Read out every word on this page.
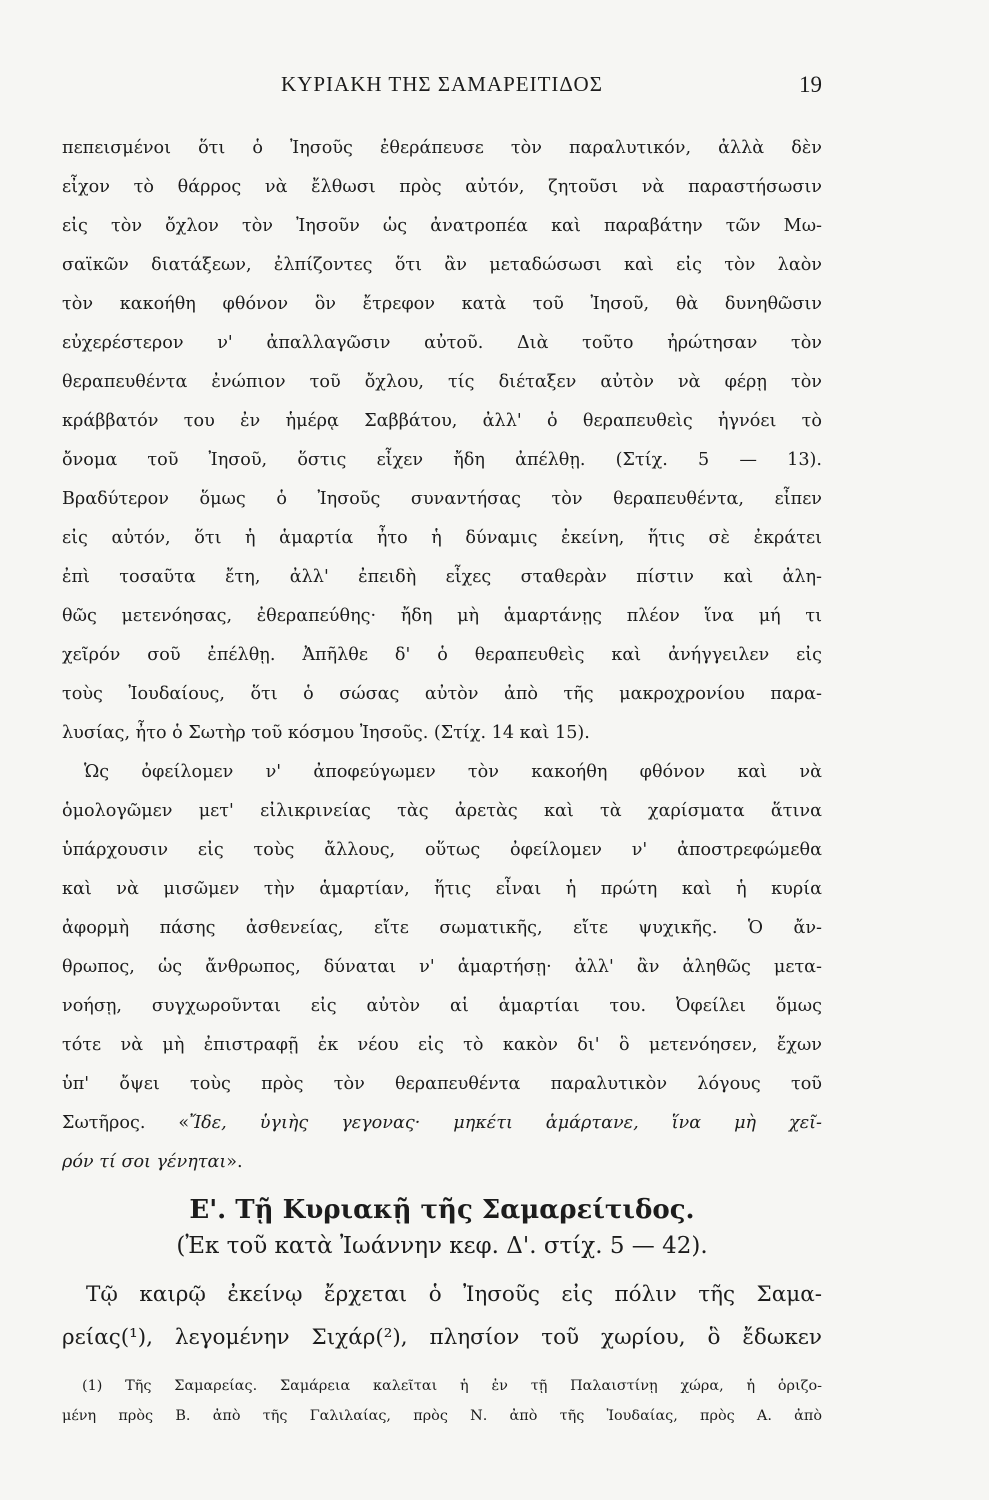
ΚΥΡΙΑΚΗ ΤΗΣ ΣΑΜΑΡΕΙΤΙΔΟΣ	19
πεπεισμένοι ὅτι ὁ Ἰησοῦς ἐθεράπευσε τὸν παραλυτικόν, ἀλλὰ δὲν
εἶχον τὸ θάρρος νὰ ἔλθωσι πρὸς αὐτόν, ζητοῦσι νὰ παραστήσωσιν
εἰς τὸν ὄχλον τὸν Ἰησοῦν ὡς ἀνατροπέα καὶ παραβάτην τῶν Μω-
σαϊκῶν διατάξεων, ἐλπίζοντες ὅτι ἂν μεταδώσωσι καὶ εἰς τὸν λαὸν
τὸν κακοήθη φθόνον ὃν ἔτρεφον κατὰ τοῦ Ἰησοῦ, θὰ δυνηθῶσιν
εὐχερέστερον ν' ἀπαλλαγῶσιν αὐτοῦ. Διὰ τοῦτο ἠρώτησαν τὸν
θεραπευθέντα ἐνώπιον τοῦ ὄχλου, τίς διέταξεν αὐτὸν νὰ φέρῃ τὸν
κράββατόν του ἐν ἡμέρᾳ Σαββάτου, ἀλλ' ὁ θεραπευθεὶς ἠγνόει τὸ
ὄνομα τοῦ Ἰησοῦ, ὅστις εἶχεν ἤδη ἀπέλθῃ. (Στίχ. 5 — 13).
Βραδύτερον ὅμως ὁ Ἰησοῦς συναντήσας τὸν θεραπευθέντα, εἶπεν
εἰς αὐτόν, ὅτι ἡ ἁμαρτία ἦτο ἡ δύναμις ἐκείνη, ἥτις σὲ ἐκράτει
ἐπὶ τοσαῦτα ἔτη, ἀλλ' ἐπειδὴ εἶχες σταθερὰν πίστιν καὶ ἀλη-
θῶς μετενόησας, ἐθεραπεύθης· ἤδη μὴ ἁμαρτάνῃς πλέον ἵνα μή τι
χεῖρόν σοῦ ἐπέλθῃ. Ἀπῆλθε δ' ὁ θεραπευθεὶς καὶ ἀνήγγειλεν εἰς
τοὺς Ἰουδαίους, ὅτι ὁ σώσας αὐτὸν ἀπὸ τῆς μακροχρονίου παρα-
λυσίας, ἦτο ὁ Σωτὴρ τοῦ κόσμου Ἰησοῦς. (Στίχ. 14 καὶ 15).
Ὡς ὀφείλομεν ν' ἀποφεύγωμεν τὸν κακοήθη φθόνον καὶ νὰ
ὁμολογῶμεν μετ' εἰλικρινείας τὰς ἀρετὰς καὶ τὰ χαρίσματα ἅτινα
ὑπάρχουσιν εἰς τοὺς ἄλλους, οὕτως ὀφείλομεν ν' ἀποστρεφώμεθα
καὶ νὰ μισῶμεν τὴν ἁμαρτίαν, ἥτις εἶναι ἡ πρώτη καὶ ἡ κυρία
ἀφορμὴ πάσης ἀσθενείας, εἴτε σωματικῆς, εἴτε ψυχικῆς. Ὁ ἄν-
θρωπος, ὡς ἄνθρωπος, δύναται ν' ἁμαρτήσῃ· ἀλλ' ἂν ἀληθῶς μετα-
νοήσῃ, συγχωροῦνται εἰς αὐτὸν αἱ ἁμαρτίαι του. Ὀφείλει ὅμως
τότε νὰ μὴ ἐπιστραφῇ ἐκ νέου εἰς τὸ κακὸν δι' ὃ μετενόησεν, ἔχων
ὑπ' ὄψει τοὺς πρὸς τὸν θεραπευθέντα παραλυτικὸν λόγους τοῦ
Σωτῆρος. «Ἴδε, ὑγιὴς γεγονας· μηκέτι ἁμάρτανε, ἵνα μὴ χεῖ-
ρόν τί σοι γένηται».
Ε'. Τῇ Κυριακῇ τῆς Σαμαρείτιδος.
(Ἐκ τοῦ κατὰ Ἰωάννην κεφ. Δ'. στίχ. 5 — 42).
Τῷ καιρῷ ἐκείνῳ ἔρχεται ὁ Ἰησοῦς εἰς πόλιν τῆς Σαμα-
ρείας(¹), λεγομένην Σιχάρ(²), πλησίον τοῦ χωρίου, ὃ ἔδωκεν
(1) Τῆς Σαμαρείας. Σαμάρεια καλεῖται ἡ ἐν τῇ Παλαιστίνῃ χώρα, ἡ ὁριζο-
μένη πρὸς Β. ἀπὸ τῆς Γαλιλαίας, πρὸς Ν. ἀπὸ τῆς Ἰουδαίας, πρὸς Α. ἀπὸ
